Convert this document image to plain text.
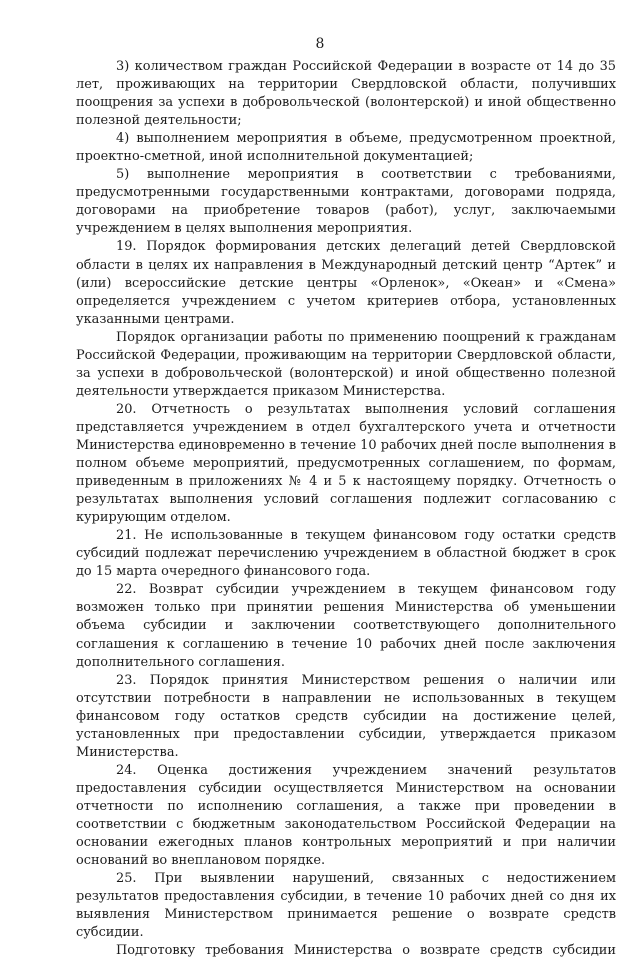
8

3) количеством граждан Российской Федерации в возрасте от 14 до 35 лет, проживающих на территории Свердловской области, получивших поощрения за успехи в добровольческой (волонтерской) и иной общественно полезной деятельности;

4) выполнением мероприятия в объеме, предусмотренном проектной, проектно-сметной, иной исполнительной документацией;

5) выполнение мероприятия в соответствии с требованиями, предусмотренными государственными контрактами, договорами подряда, договорами на приобретение товаров (работ), услуг, заключаемыми учреждением в целях выполнения мероприятия.

19. Порядок формирования детских делегаций детей Свердловской области в целях их направления в Международный детский центр “Артек” и (или) всероссийские детские центры «Орленок», «Океан» и «Смена» определяется учреждением с учетом критериев отбора, установленных указанными центрами.

Порядок организации работы по применению поощрений к гражданам Российской Федерации, проживающим на территории Свердловской области, за успехи в добровольческой (волонтерской) и иной общественно полезной деятельности утверждается приказом Министерства.

20. Отчетность о результатах выполнения условий соглашения представляется учреждением в отдел бухгалтерского учета и отчетности Министерства единовременно в течение 10 рабочих дней после выполнения в полном объеме мероприятий, предусмотренных соглашением, по формам, приведенным в приложениях № 4 и 5 к настоящему порядку. Отчетность о результатах выполнения условий соглашения подлежит согласованию с курирующим отделом.

21. Не использованные в текущем финансовом году остатки средств субсидий подлежат перечислению учреждением в областной бюджет в срок до 15 марта очередного финансового года.

22. Возврат субсидии учреждением в текущем финансовом году возможен только при принятии решения Министерства об уменьшении объема субсидии и заключении соответствующего дополнительного соглашения к соглашению в течение 10 рабочих дней после заключения дополнительного соглашения.

23. Порядок принятия Министерством решения о наличии или отсутствии потребности в направлении не использованных в текущем финансовом году остатков средств субсидии на достижение целей, установленных при предоставлении субсидии, утверждается приказом Министерства.

24. Оценка достижения учреждением значений результатов предоставления субсидии осуществляется Министерством на основании отчетности по исполнению соглашения, а также при проведении в соответствии с бюджетным законодательством Российской Федерации на основании ежегодных планов контрольных мероприятий и при наличии оснований во внеплановом порядке.

25. При выявлении нарушений, связанных с недостижением результатов предоставления субсидии, в течение 10 рабочих дней со дня их выявления Министерством принимается решение о возврате средств субсидии.

Подготовку требования Министерства о возврате средств субсидии
